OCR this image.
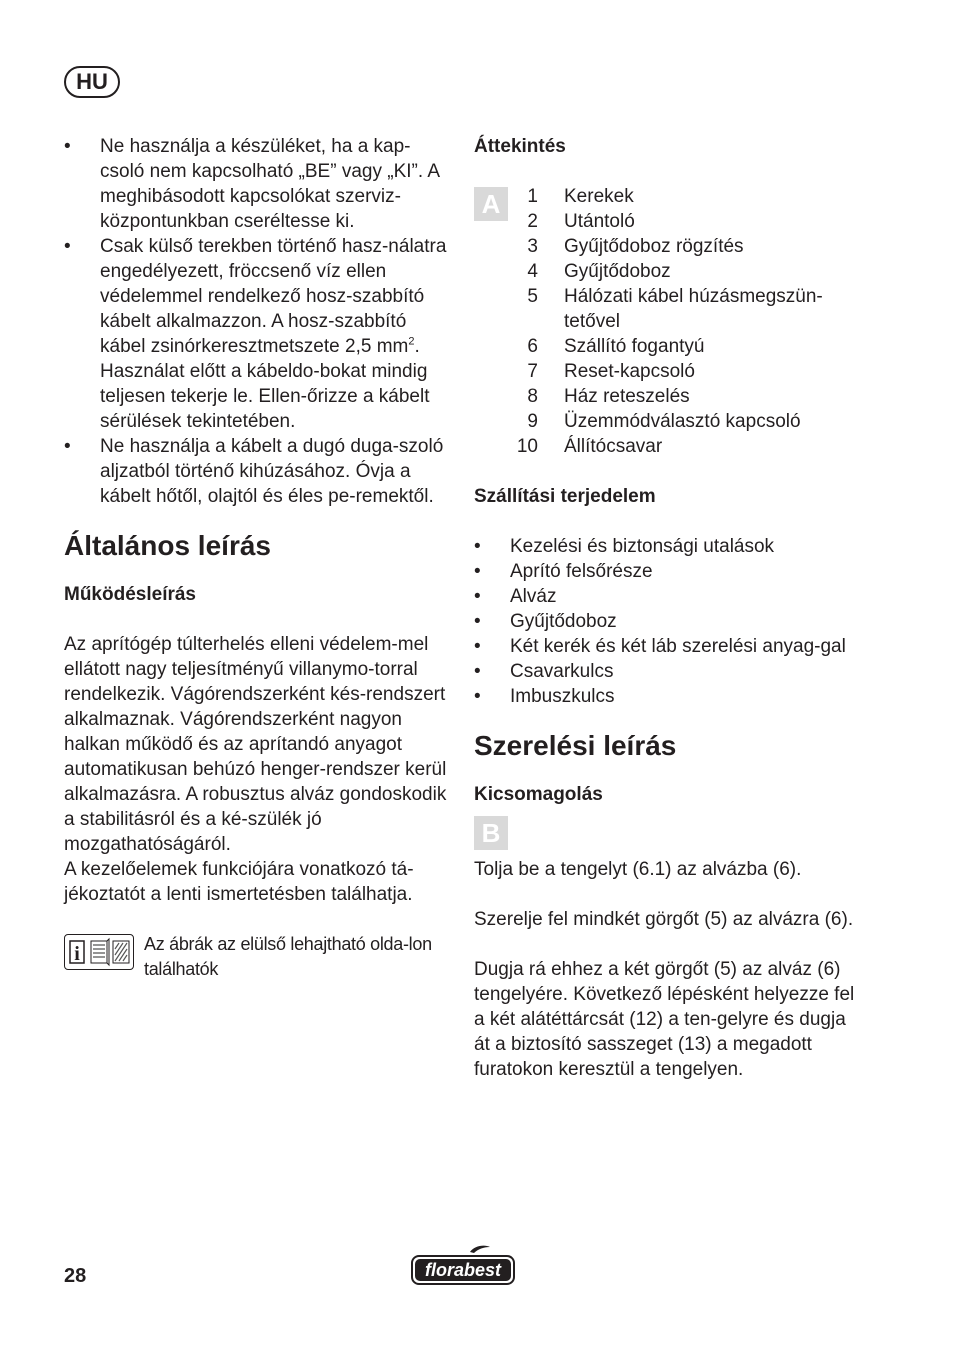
HU
• Ne használja a készüléket, ha a kap-csoló nem kapcsolható „BE” vagy „KI”. A meghibásodott kapcsolókat szerviz-központunkban cseréltesse ki.
• Csak külső terekben történő hasz-nálatra engedélyezett, fröccsenő víz ellen védelemmel rendelkező hosz-szabbító kábelt alkalmazzon. A hosz-szabbító kábel zsinórkeresztmetszete 2,5 $mm^2$. Használat előtt a kábeldo-bokat mindig teljesen tekerje le. Ellen-őrizze a kábelt sérülések tekintetében.
• Ne használja a kábelt a dugó duga-szoló aljzatból történő kihúzásához. Óvja a kábelt hőtől, olajtól és éles pe-remektől.
Általános leírás
Működésleírás

Az aprítógép túlterhelés elleni védelem-mel ellátott nagy teljesítményű villanymo-torral rendelkezik. Vágórendszerként kés-rendszert alkalmaznak. Vágórendszerként nagyon halkan működő és az aprítandó anyagot automatikusan behúzó henger-rendszer kerül alkalmazásra. A robusztus alváz gondoskodik a stabilitásról és a ké-szülék jó mozgathatóságáról.

A kezelőelemek funkciójára vonatkozó tá-jékoztatót a lenti ismertetésben találhatja.

i	Az ábrák az elülső lehajtható olda-lon találhatók
Áttekintés
A	1 Kerekek
2 Utántoló
3 Gyűjtődoboz rögzítés
4 Gyűjtődoboz
5 Hálózati kábel húzásmegszün-tetővel
6 Szállító fogantyú
7 Reset-kapcsoló
8 Ház reteszelés
9 Üzemmódválasztó kapcsoló
10 Állítócsavar
Szállítási terjedelem
• Kezelési és biztonsági utalások
• Aprító felsőrésze
• Alváz
• Gyűjtődoboz
• Két kerék és két láb szerelési anyag-gal
• Csavarkulcs
• Imbuszkulcs
Szerelési leírás
Kicsomagolás
B

Tolja be a tengelyt (6.1) az alvázba (6).

Szerelje fel mindkét görgőt (5) az alvázra (6).

Dugja rá ehhez a két görgőt (5) az alváz (6) tengelyére. Következő lépésként helyezze fel a két alátéttárcsát (12) a ten-gelyre és dugja át a biztosító sasszeget (13) a megadott furatokon keresztül a tengelyen.

28	florabest
